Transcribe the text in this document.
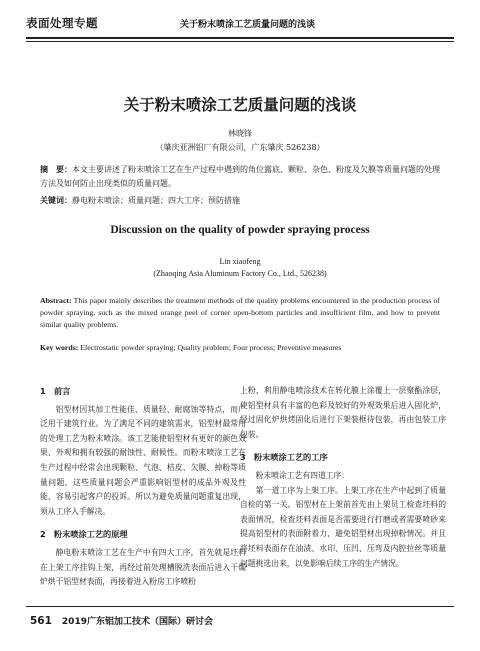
表面处理专题	关于粉末喷涂工艺质量问题的浅谈
关于粉末喷涂工艺质量问题的浅谈
林晓锋
（肇庆亚洲铝厂有限公司，广东肇庆 526238）
摘　要：本文主要讲述了粉末喷涂工艺在生产过程中遇到的角位露底、颗粒、杂色、粉度及欠膜等质量问题的处理方法及如何防止出现类似的质量问题。
关键词：静电粉末喷涂；质量问题；四大工序；预防措施
Discussion on the quality of powder spraying process
Lin xiaofeng
(Zhaoqing Asia Aluminum Factory Co., Ltd., 526238)
Abstract: This paper mainly describes the treatment methods of the quality problems encountered in the production process of powder spraying, such as the mixed orange peel of corner open-bottom particles and insufficient film, and how to prevent similar quality problems.
Key words: Electrostatic powder spraying; Quality problem; Four process; Preventive measures

1　前言

铝型材因其加工性能佳、质量轻、耐腐蚀等特点，而广泛用于建筑行业。为了满足不同的建筑需求，铝型材最常用的处理工艺为粉末喷涂。该工艺能使铝型材有更好的颜色效果、外观和拥有较强的耐蚀性、耐候性。而粉末喷涂工艺在生产过程中经常会出现颗粒、气泡、桔皮、欠膜、掉粉等质量问题，这些质量问题会严重影响铝型材的成品外观及性能，容易引起客户的投诉。所以为避免质量问题重复出现，须从工序入手解决。

2　粉末喷涂工艺的原理

静电粉末喷涂工艺在生产中有四大工序，首先就是坯料在上架工序挂钩上架，再经过前处理槽脱洗表面后进入干燥炉烘干铝型材表面，再接着进入粉房工序喷粉

上粉，利用静电喷涂技术在转化膜上涂覆上一层聚酯涂层，使铝型材具有丰富的色彩及较好的外观效果后进入固化炉，经过固化炉烘烤固化后进行下架装框待包装，再由包装工序包装。

3　粉末喷涂工艺的工序

粉末喷涂工艺有四道工序：

第一道工序为上架工序。上架工序在生产中起到了质量自检的第一关。铝型材在上架前首先由上架员工检查坯料的表面情况，检查坯料表面是否需要进行打磨或者需要喷砂来提高铝型材的表面附着力，避免铝型材出现掉粉情况。并且将坯料表面存在油渍、水印、压凹、压弯及内腔拉丝等质量问题挑选出来，以免影响后续工序的生产情况。

561 2019广东铝加工技术（国际）研讨会
